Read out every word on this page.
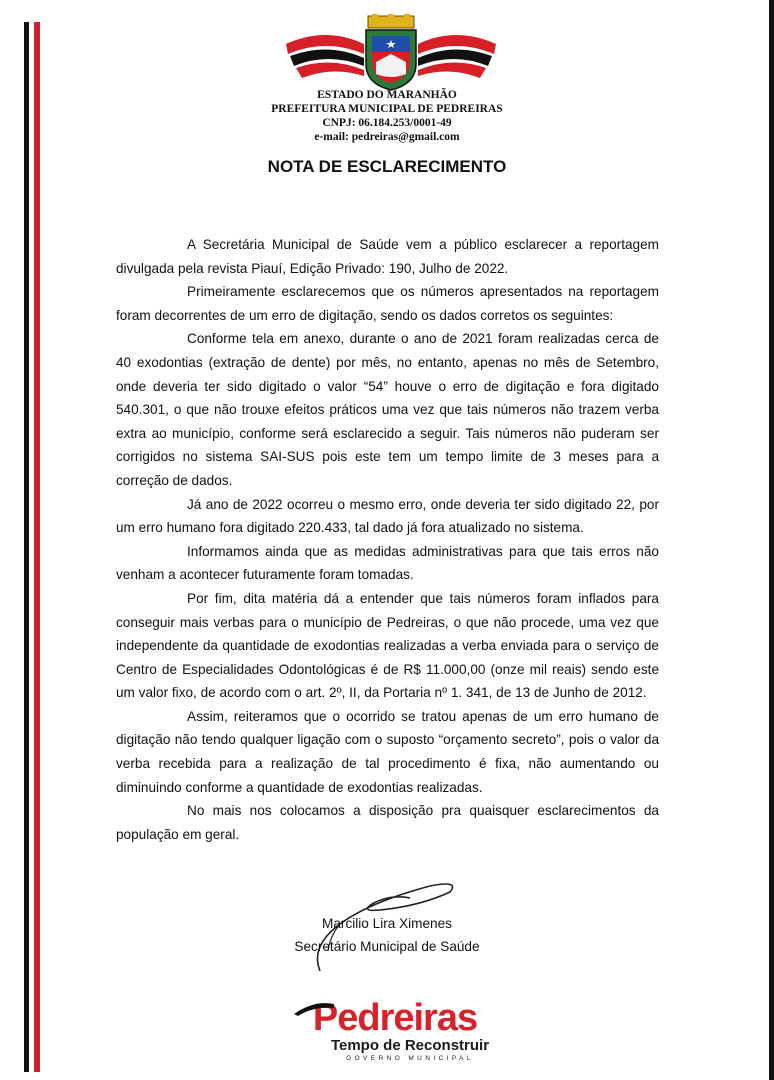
ESTADO DO MARANHÃO
PREFEITURA MUNICIPAL DE PEDREIRAS
CNPJ: 06.184.253/0001-49
e-mail: pedreiras@gmail.com
NOTA DE ESCLARECIMENTO

A Secretária Municipal de Saúde vem a público esclarecer a reportagem divulgada pela revista Piauí, Edição Privado: 190, Julho de 2022.

Primeiramente esclarecemos que os números apresentados na reportagem foram decorrentes de um erro de digitação, sendo os dados corretos os seguintes:

Conforme tela em anexo, durante o ano de 2021 foram realizadas cerca de 40 exodontias (extração de dente) por mês, no entanto, apenas no mês de Setembro, onde deveria ter sido digitado o valor “54” houve o erro de digitação e fora digitado 540.301, o que não trouxe efeitos práticos uma vez que tais números não trazem verba extra ao município, conforme será esclarecido a seguir. Tais números não puderam ser corrigidos no sistema SAI-SUS pois este tem um tempo limite de 3 meses para a correção de dados.

Já ano de 2022 ocorreu o mesmo erro, onde deveria ter sido digitado 22, por um erro humano fora digitado 220.433, tal dado já fora atualizado no sistema.

Informamos ainda que as medidas administrativas para que tais erros não venham a acontecer futuramente foram tomadas.

Por fim, dita matéria dá a entender que tais números foram inflados para conseguir mais verbas para o município de Pedreiras, o que não procede, uma vez que independente da quantidade de exodontias realizadas a verba enviada para o serviço de Centro de Especialidades Odontológicas é de R$ 11.000,00 (onze mil reais) sendo este um valor fixo, de acordo com o art. 2º, II, da Portaria nº 1. 341, de 13 de Junho de 2012.

Assim, reiteramos que o ocorrido se tratou apenas de um erro humano de digitação não tendo qualquer ligação com o suposto “orçamento secreto”, pois o valor da verba recebida para a realização de tal procedimento é fixa, não aumentando ou diminuindo conforme a quantidade de exodontias realizadas.

No mais nos colocamos a disposição pra quaisquer esclarecimentos da população em geral.

Marcilio Lira Ximenes
Secretário Municipal de Saúde
Pedreiras
Tempo de Reconstruir
GOVERNO MUNICIPAL
